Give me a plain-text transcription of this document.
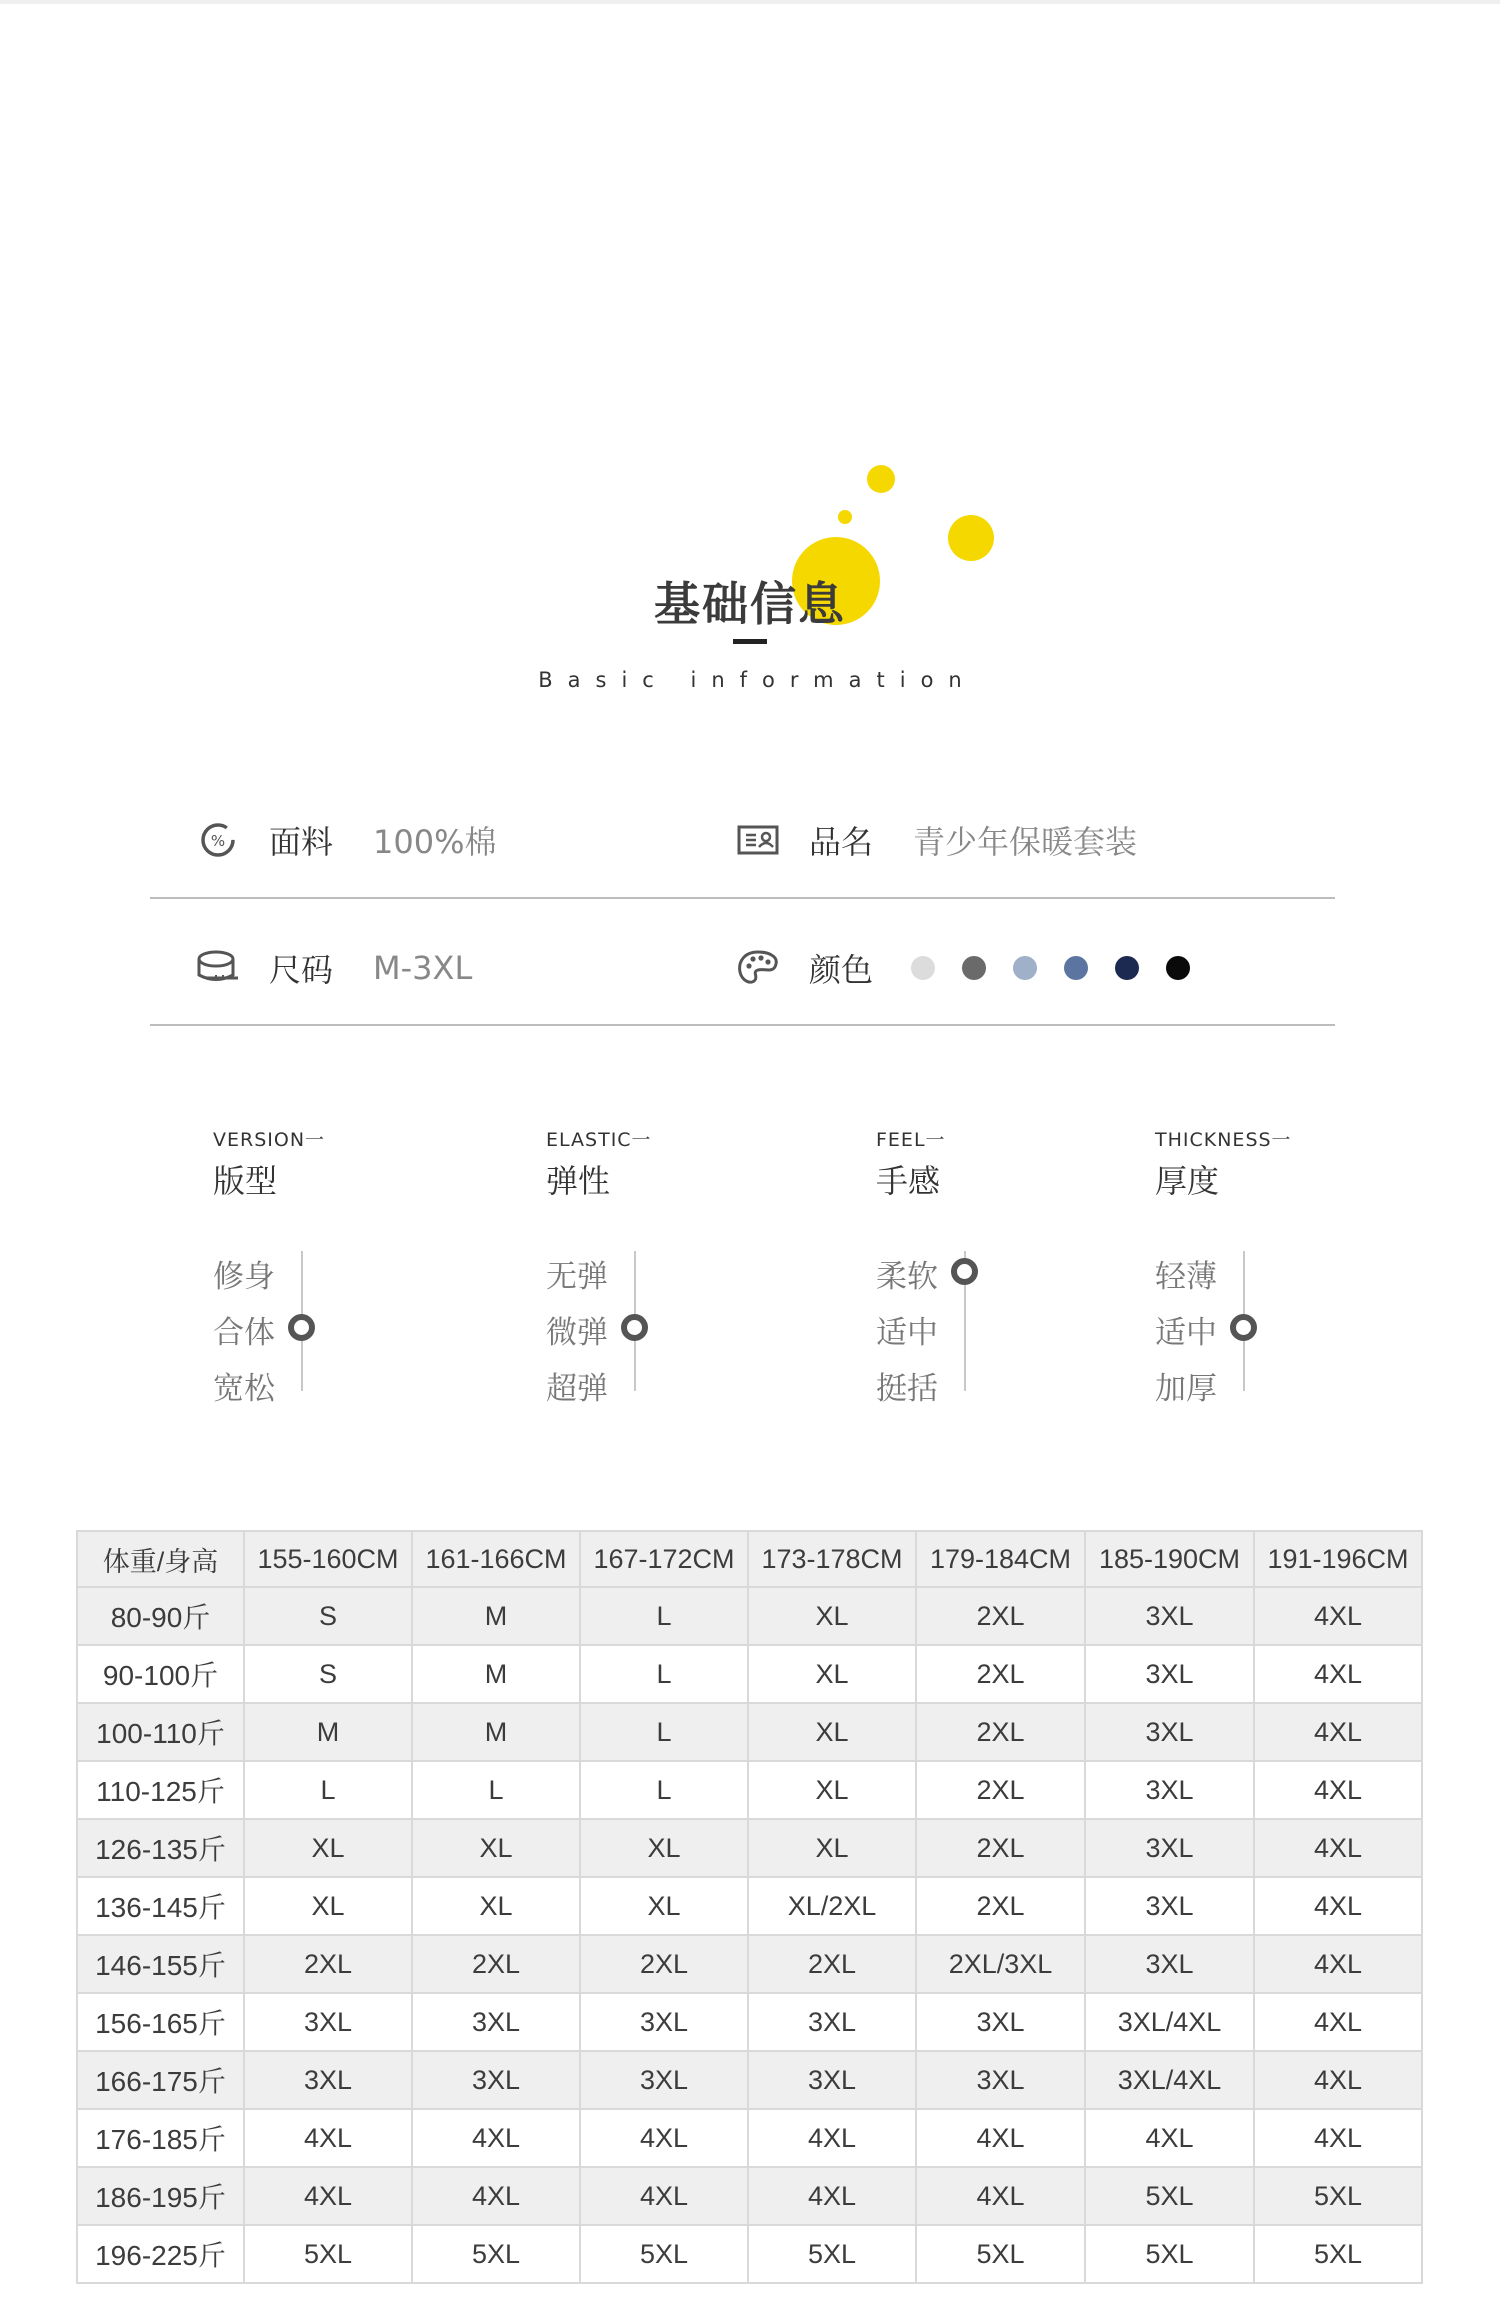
基础信息
Basic information
% 面料 100%棉	品名 青少年保暖套装
尺码 M-3XL	颜色
VERSION一
版型
修身
合体
宽松
ELASTIC一
弹性
无弹
微弹
超弹
FEEL一
手感
柔软
适中
挺括
THICKNESS一
厚度
轻薄
适中
加厚
体重/身高	155-160CM	161-166CM	167-172CM	173-178CM	179-184CM	185-190CM	191-196CM
80-90斤	S	M	L	XL	2XL	3XL	4XL
90-100斤	S	M	L	XL	2XL	3XL	4XL
100-110斤	M	M	L	XL	2XL	3XL	4XL
110-125斤	L	L	L	XL	2XL	3XL	4XL
126-135斤	XL	XL	XL	XL	2XL	3XL	4XL
136-145斤	XL	XL	XL	XL/2XL	2XL	3XL	4XL
146-155斤	2XL	2XL	2XL	2XL	2XL/3XL	3XL	4XL
156-165斤	3XL	3XL	3XL	3XL	3XL	3XL/4XL	4XL
166-175斤	3XL	3XL	3XL	3XL	3XL	3XL/4XL	4XL
176-185斤	4XL	4XL	4XL	4XL	4XL	4XL	4XL
186-195斤	4XL	4XL	4XL	4XL	4XL	5XL	5XL
196-225斤	5XL	5XL	5XL	5XL	5XL	5XL	5XL
